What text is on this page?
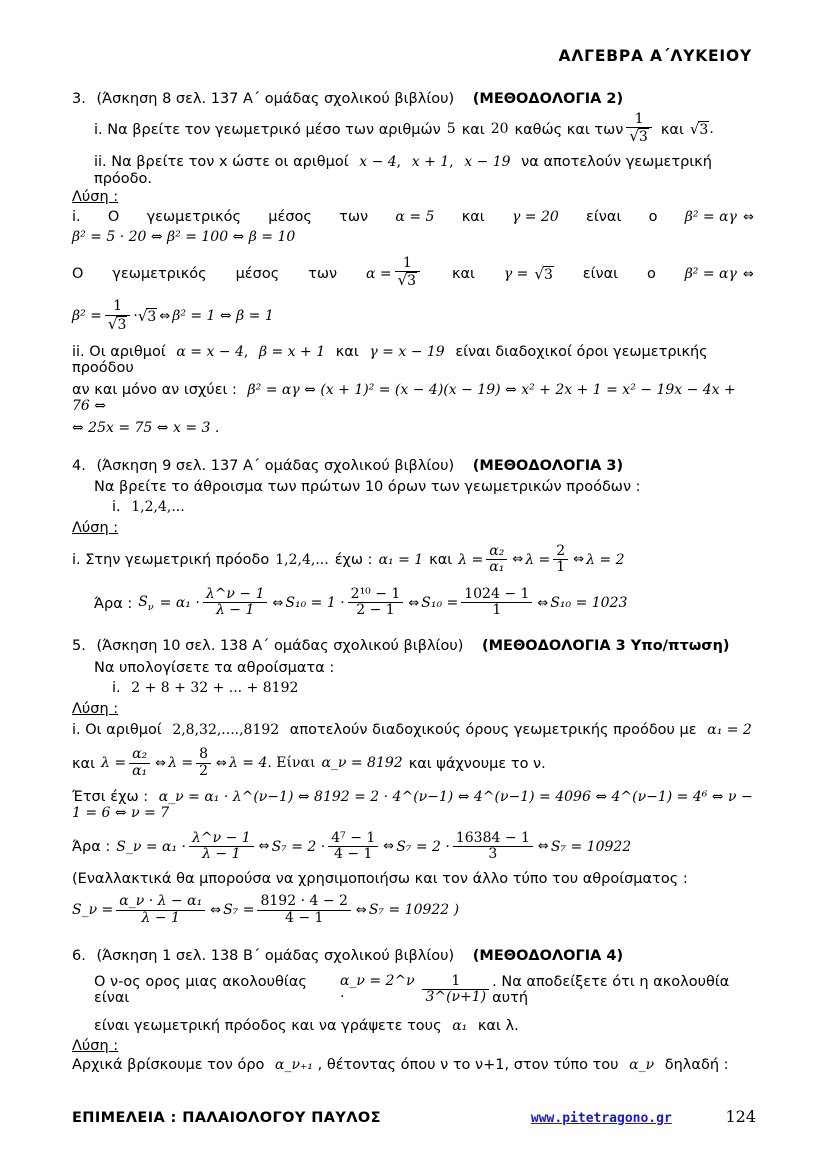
ΑΛΓΕΒΡΑ Α΄ΛΥΚΕΙΟΥ
3. (Άσκηση 8 σελ. 137 Α΄ ομάδας σχολικού βιβλίου) (ΜΕΘΟΔΟΛΟΓΙΑ 2)
i. Να βρείτε τον γεωμετρικό μέσο των αριθμών 5 και 20 καθώς και των $\frac{1}{√3}$ και √3 .
ii. Να βρείτε τον x ώστε οι αριθμοί x − 4, x + 1, x − 19 να αποτελούν γεωμετρική πρόοδο.
Λύση :
i. Ο γεωμετρικός μέσος των α = 5 και γ = 20 είναι ο β² = αγ ⇔
β² = 5 · 20 ⇔ β² = 100 ⇔ β = 10
Ο γεωμετρικός μέσος των $\alpha = \frac{1}{√3}$ και γ = √3 είναι ο β² = αγ ⇔
$\beta^2 = \frac{1}{√3} \cdot √3$ ⇔ β² = 1 ⇔ β = 1
ii. Οι αριθμοί α = x − 4, β = x + 1 και γ = x − 19 είναι διαδοχικοί όροι γεωμετρικής προόδου
αν και μόνο αν ισχύει : β² = αγ ⇔ (x + 1)² = (x − 4)(x − 19) ⇔ x² + 2x + 1 = x² − 19x − 4x + 76 ⇔
⇔ 25x = 75 ⇔ x = 3 .
4. (Άσκηση 9 σελ. 137 Α΄ ομάδας σχολικού βιβλίου) (ΜΕΘΟΔΟΛΟΓΙΑ 3)
Να βρείτε το άθροισμα των πρώτων 10 όρων των γεωμετρικών προόδων :
i. 1,2,4,...
Λύση :
i. Στην γεωμετρική πρόοδο 1,2,4,... έχω : α₁ = 1 και $\lambda = \frac{\text{α₂}}{\text{α₁}}$ ⇔ $\lambda = \frac{2}{1}$ ⇔ λ = 2
Άρα : $S_\nu = \alpha_1 \cdot \frac{\lambda\^{}\nu - 1}{\lambda - 1}$ ⇔ $S_{10} = 1 \cdot \frac{\text{2¹⁰ − 1}}{2 - 1}$ ⇔ $S_{10} = \frac{1024 - 1}{1}$ ⇔ S₁₀ = 1023
5. (Άσκηση 10 σελ. 138 Α΄ ομάδας σχολικού βιβλίου) (ΜΕΘΟΔΟΛΟΓΙΑ 3 Υπο/πτωση)
Να υπολογίσετε τα αθροίσματα :
i. 2 + 8 + 32 + ... + 8192
Λύση :
i. Οι αριθμοί 2,8,32,....,8192 αποτελούν διαδοχικούς όρους γεωμετρικής προόδου με α₁ = 2
και $\lambda = \frac{\text{α₂}}{\text{α₁}}$ ⇔ $\lambda = \frac{8}{2}$ ⇔ λ = 4 . Είναι α_ν = 8192 και ψάχνουμε το ν.
Έτσι έχω : α_ν = α₁ · λ^(ν−1) ⇔ 8192 = 2 · 4^(ν−1) ⇔ 4^(ν−1) = 4096 ⇔ 4^(ν−1) = 4⁶ ⇔ ν − 1 = 6 ⇔ ν = 7
Άρα : S_ν = $\alpha_1 \cdot \frac{\lambda\^{}\nu - 1}{\lambda - 1}$ ⇔ $S_7 = 2 \cdot \frac{\text{4⁷ − 1}}{4 - 1}$ ⇔ $S_7 = 2 \cdot \frac{16384 - 1}{3}$ ⇔ S₇ = 10922
(Εναλλακτικά θα μπορούσα να χρησιμοποιήσω και τον άλλο τύπο του αθροίσματος :
S_ν = $\frac{\text{α\_ν · λ − α₁}}{\lambda - 1}$ ⇔ $S_7 = \frac{8192 \cdot 4 - 2}{4 - 1}$ ⇔ S₇ = 10922 )
6. (Άσκηση 1 σελ. 138 Β΄ ομάδας σχολικού βιβλίου) (ΜΕΘΟΔΟΛΟΓΙΑ 4)
Ο ν-ος ορος μιας ακολουθίας είναι
α_ν = 2^ν ·	$\frac{1}{3\^{}(\nu+1)}$ . Να αποδείξετε ότι η ακολουθία αυτή
είναι γεωμετρική πρόοδος και να γράψετε τους α₁ και λ.
Λύση :
Αρχικά βρίσκουμε τον όρο α_ν₊₁ , θέτοντας όπου ν το ν+1, στον τύπο του α_ν δηλαδή :
ΕΠΙΜΕΛΕΙΑ : ΠΑΛΑΙΟΛΟΓΟΥ ΠΑΥΛΟΣ	www.pitetragono.gr	124
